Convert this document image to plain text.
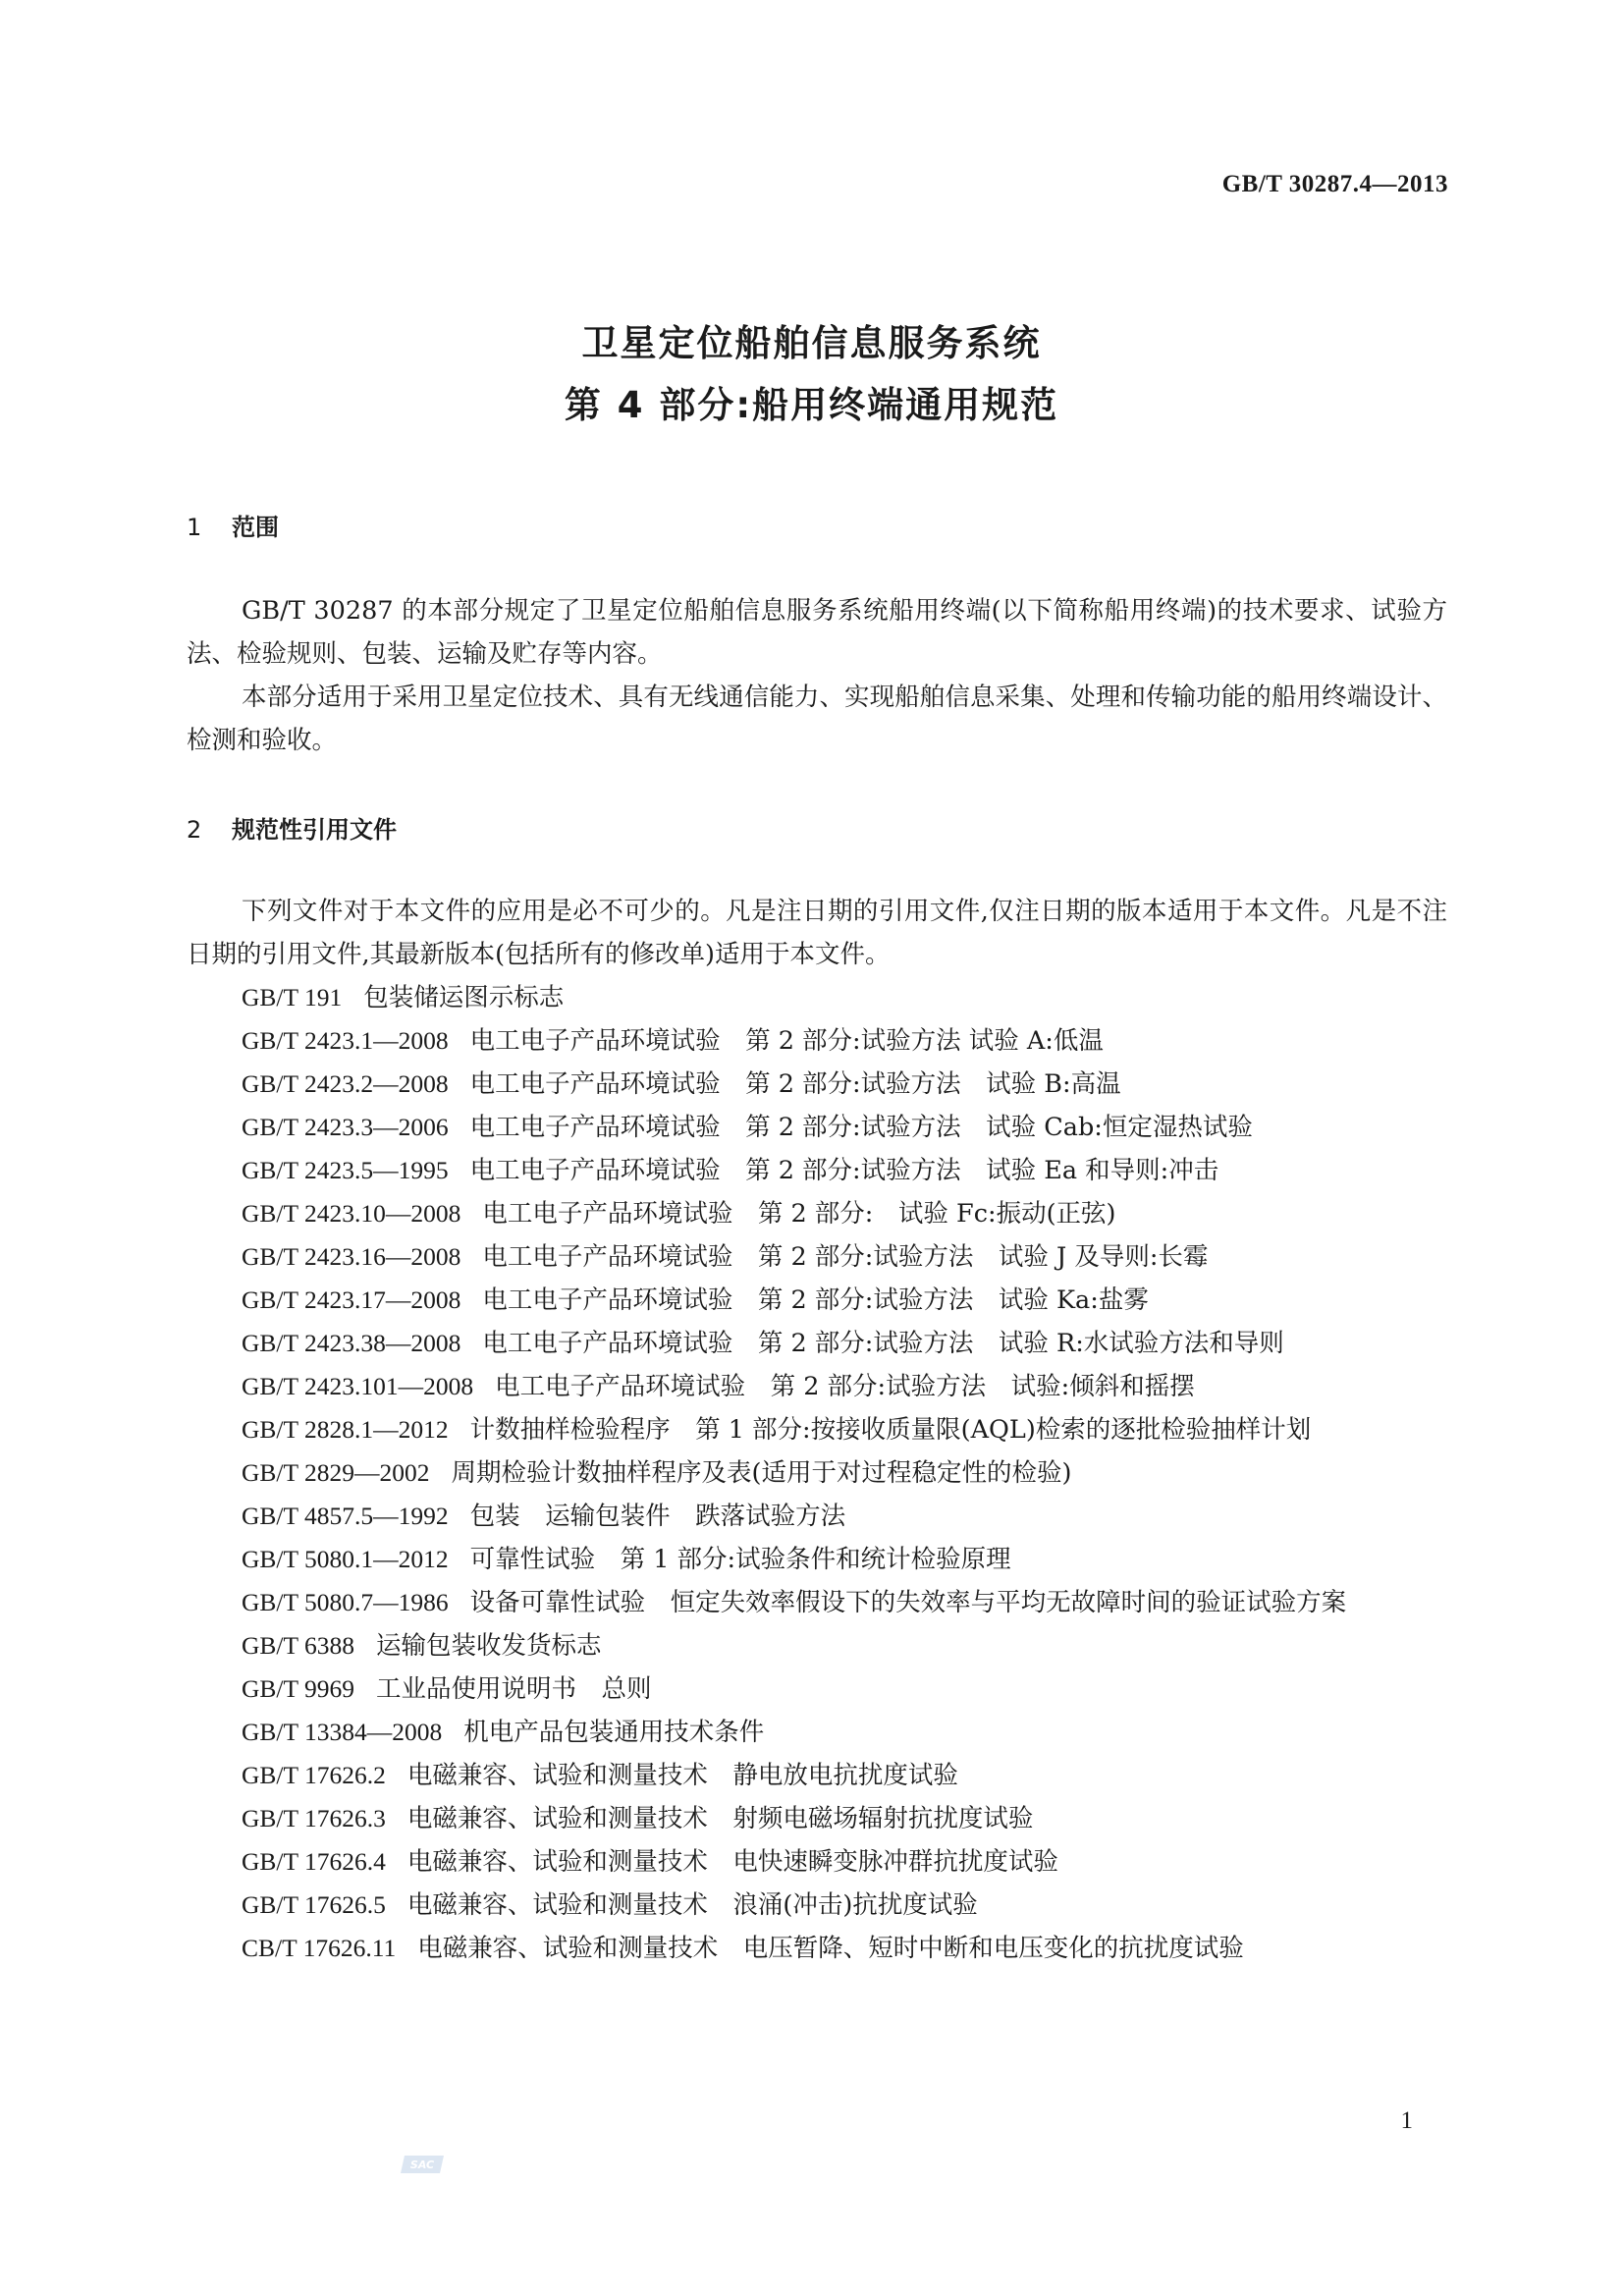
GB/T 30287.4—2013
卫星定位船舶信息服务系统
第 4 部分:船用终端通用规范
1 范围

GB/T 30287 的本部分规定了卫星定位船舶信息服务系统船用终端(以下简称船用终端)的技术要求、试验方法、检验规则、包装、运输及贮存等内容。

本部分适用于采用卫星定位技术、具有无线通信能力、实现船舶信息采集、处理和传输功能的船用终端设计、检测和验收。

2 规范性引用文件

下列文件对于本文件的应用是必不可少的。凡是注日期的引用文件,仅注日期的版本适用于本文件。凡是不注日期的引用文件,其最新版本(包括所有的修改单)适用于本文件。

GB/T 191 包装储运图示标志
GB/T 2423.1—2008 电工电子产品环境试验　第 2 部分:试验方法 试验 A:低温
GB/T 2423.2—2008 电工电子产品环境试验　第 2 部分:试验方法　试验 B:高温
GB/T 2423.3—2006 电工电子产品环境试验　第 2 部分:试验方法　试验 Cab:恒定湿热试验
GB/T 2423.5—1995 电工电子产品环境试验　第 2 部分:试验方法　试验 Ea 和导则:冲击
GB/T 2423.10—2008 电工电子产品环境试验　第 2 部分:　试验 Fc:振动(正弦)
GB/T 2423.16—2008 电工电子产品环境试验　第 2 部分:试验方法　试验 J 及导则:长霉
GB/T 2423.17—2008 电工电子产品环境试验　第 2 部分:试验方法　试验 Ka:盐雾
GB/T 2423.38—2008 电工电子产品环境试验　第 2 部分:试验方法　试验 R:水试验方法和导则
GB/T 2423.101—2008 电工电子产品环境试验　第 2 部分:试验方法　试验:倾斜和摇摆
GB/T 2828.1—2012 计数抽样检验程序　第 1 部分:按接收质量限(AQL)检索的逐批检验抽样计划
GB/T 2829—2002 周期检验计数抽样程序及表(适用于对过程稳定性的检验)
GB/T 4857.5—1992 包装　运输包装件　跌落试验方法
GB/T 5080.1—2012 可靠性试验　第 1 部分:试验条件和统计检验原理
GB/T 5080.7—1986 设备可靠性试验　恒定失效率假设下的失效率与平均无故障时间的验证试验方案
GB/T 6388 运输包装收发货标志
GB/T 9969 工业品使用说明书　总则
GB/T 13384—2008 机电产品包装通用技术条件
GB/T 17626.2 电磁兼容、试验和测量技术　静电放电抗扰度试验
GB/T 17626.3 电磁兼容、试验和测量技术　射频电磁场辐射抗扰度试验
GB/T 17626.4 电磁兼容、试验和测量技术　电快速瞬变脉冲群抗扰度试验
GB/T 17626.5 电磁兼容、试验和测量技术　浪涌(冲击)抗扰度试验
CB/T 17626.11 电磁兼容、试验和测量技术　电压暂降、短时中断和电压变化的抗扰度试验
1
SAC
